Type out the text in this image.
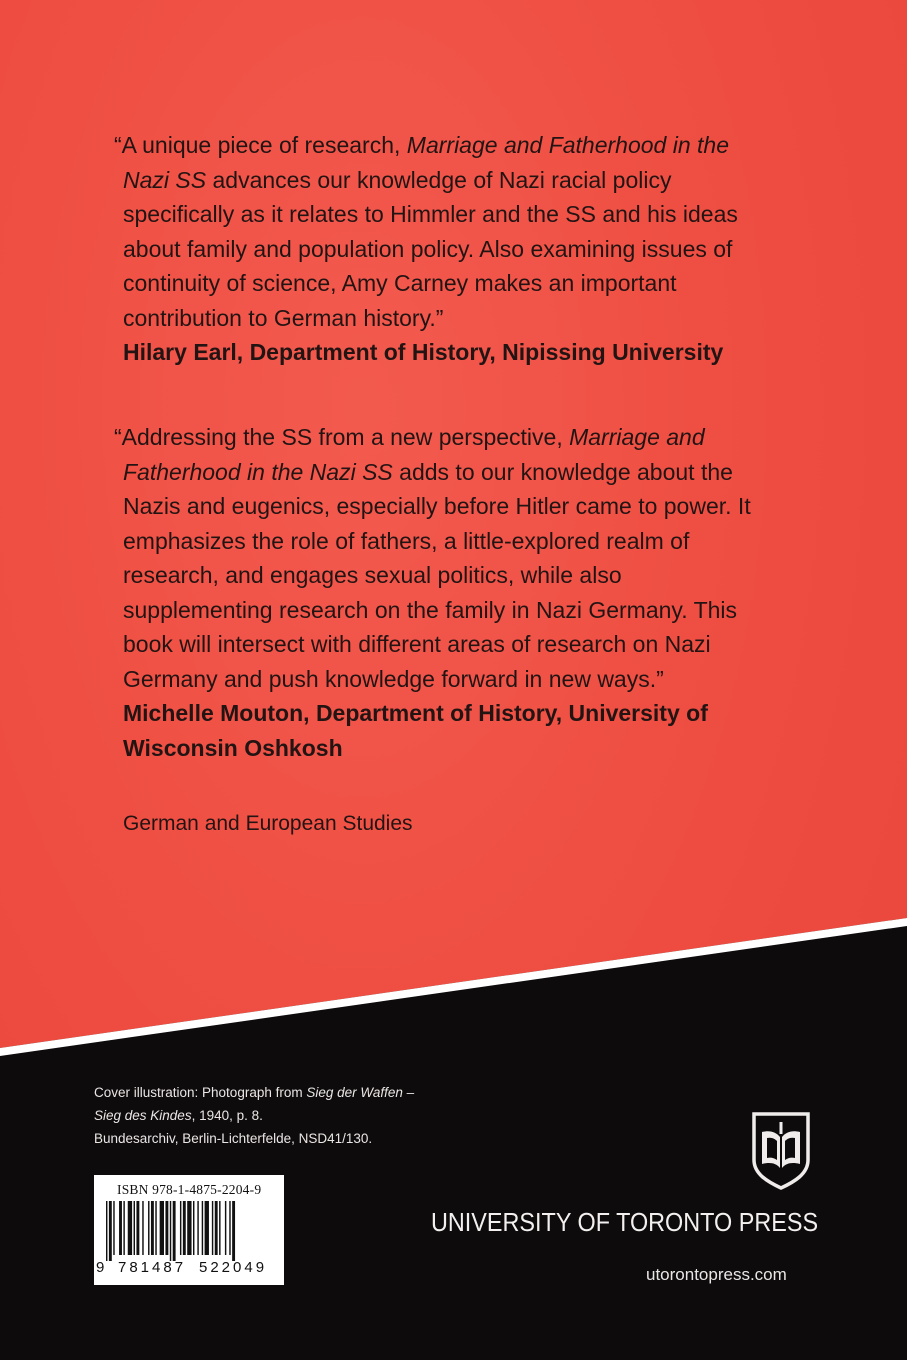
“A unique piece of research, Marriage and Fatherhood in the Nazi SS advances our knowledge of Nazi racial policy specifically as it relates to Himmler and the SS and his ideas about family and population policy. Also examining issues of continuity of science, Amy Carney makes an important contribution to German history.”
Hilary Earl, Department of History, Nipissing University

“Addressing the SS from a new perspective, Marriage and Fatherhood in the Nazi SS adds to our knowledge about the Nazis and eugenics, especially before Hitler came to power. It emphasizes the role of fathers, a little-explored realm of research, and engages sexual politics, while also supplementing research on the family in Nazi Germany. This book will intersect with different areas of research on Nazi Germany and push knowledge forward in new ways.”
Michelle Mouton, Department of History, University of Wisconsin Oshkosh

German and European Studies
Cover illustration: Photograph from Sieg der Waffen – Sieg des Kindes, 1940, p. 8.
Bundesarchiv, Berlin-Lichterfelde, NSD41/130.
ISBN 978-1-4875-2204-9
9 781487 522049
UNIVERSITY OF TORONTO PRESS
utorontopress.com
